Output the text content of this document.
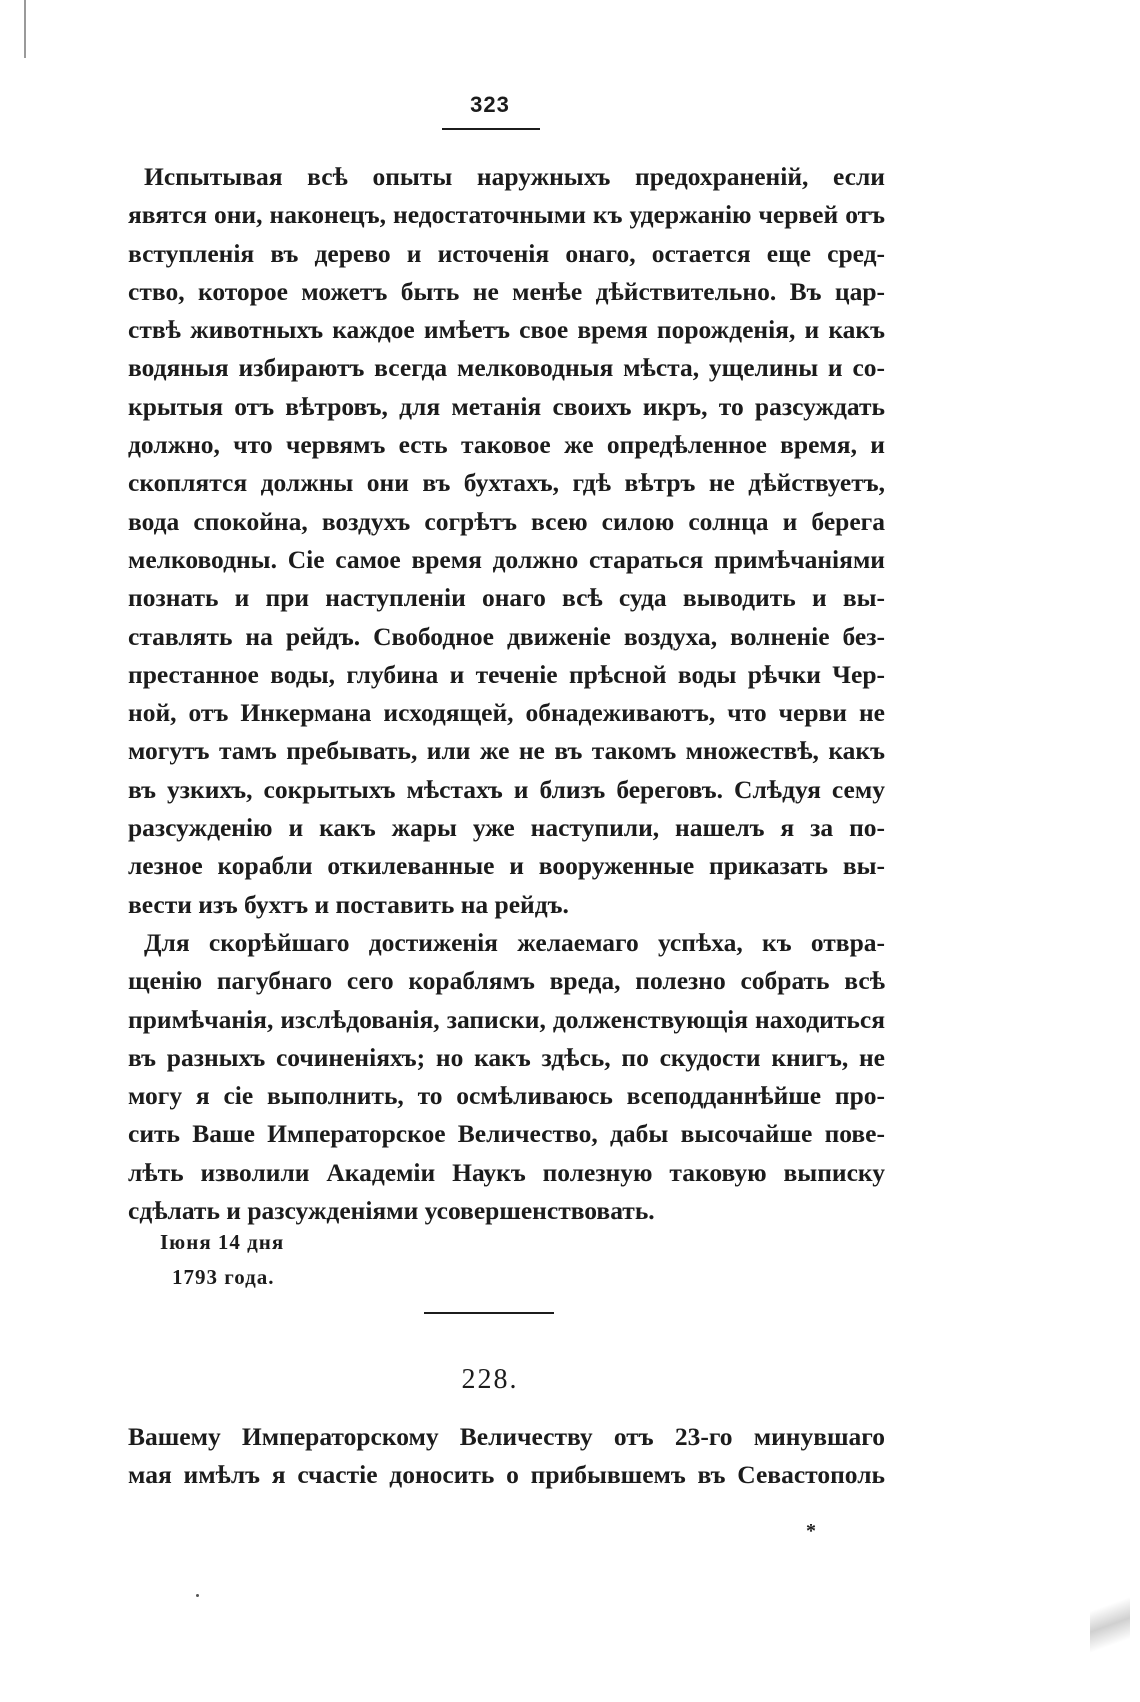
323
Испытывая всѣ опыты наружныхъ предохраненій, если
явятся они, наконецъ, недостаточными къ удержанію червей отъ
вступленія въ дерево и источенія онаго, остается еще сред-
ство, которое можетъ быть не менѣе дѣйствительно. Въ цар-
ствѣ животныхъ каждое имѣетъ свое время порожденія, и какъ
водяныя избираютъ всегда мелководныя мѣста, ущелины и со-
крытыя отъ вѣтровъ, для метанія своихъ икръ, то разсуждать
должно, что червямъ есть таковое же опредѣленное время, и
скоплятся должны они въ бухтахъ, гдѣ вѣтръ не дѣйствуетъ,
вода спокойна, воздухъ согрѣтъ всею силою солнца и берега
мелководны. Сіе самое время должно стараться примѣчаніями
познать и при наступленіи онаго всѣ суда выводить и вы-
ставлять на рейдъ. Свободное движеніе воздуха, волненіе без-
престанное воды, глубина и теченіе прѣсной воды рѣчки Чер-
ной, отъ Инкермана исходящей, обнадеживаютъ, что черви не
могутъ тамъ пребывать, или же не въ такомъ множествѣ, какъ
въ узкихъ, сокрытыхъ мѣстахъ и близъ береговъ. Слѣдуя сему
разсужденію и какъ жары уже наступили, нашелъ я за по-
лезное корабли откилеванные и вооруженные приказать вы-
вести изъ бухтъ и поставить на рейдъ.
Для скорѣйшаго достиженія желаемаго успѣха, къ отвра-
щенію пагубнаго сего кораблямъ вреда, полезно собрать всѣ
примѣчанія, изслѣдованія, записки, долженствующія находиться
въ разныхъ сочиненіяхъ; но какъ здѣсь, по скудости книгъ, не
могу я сіе выполнить, то осмѣливаюсь всеподданнѣйше про-
сить Ваше Императорское Величество, дабы высочайше пове-
лѣть изволили Академіи Наукъ полезную таковую выписку
сдѣлать и разсужденіями усовершенствовать.
Іюня 14 дня
1793 года.
228.
Вашему Императорскому Величеству отъ 23-го минувшаго
мая имѣлъ я счастіе доносить о прибывшемъ въ Севастополь
*
